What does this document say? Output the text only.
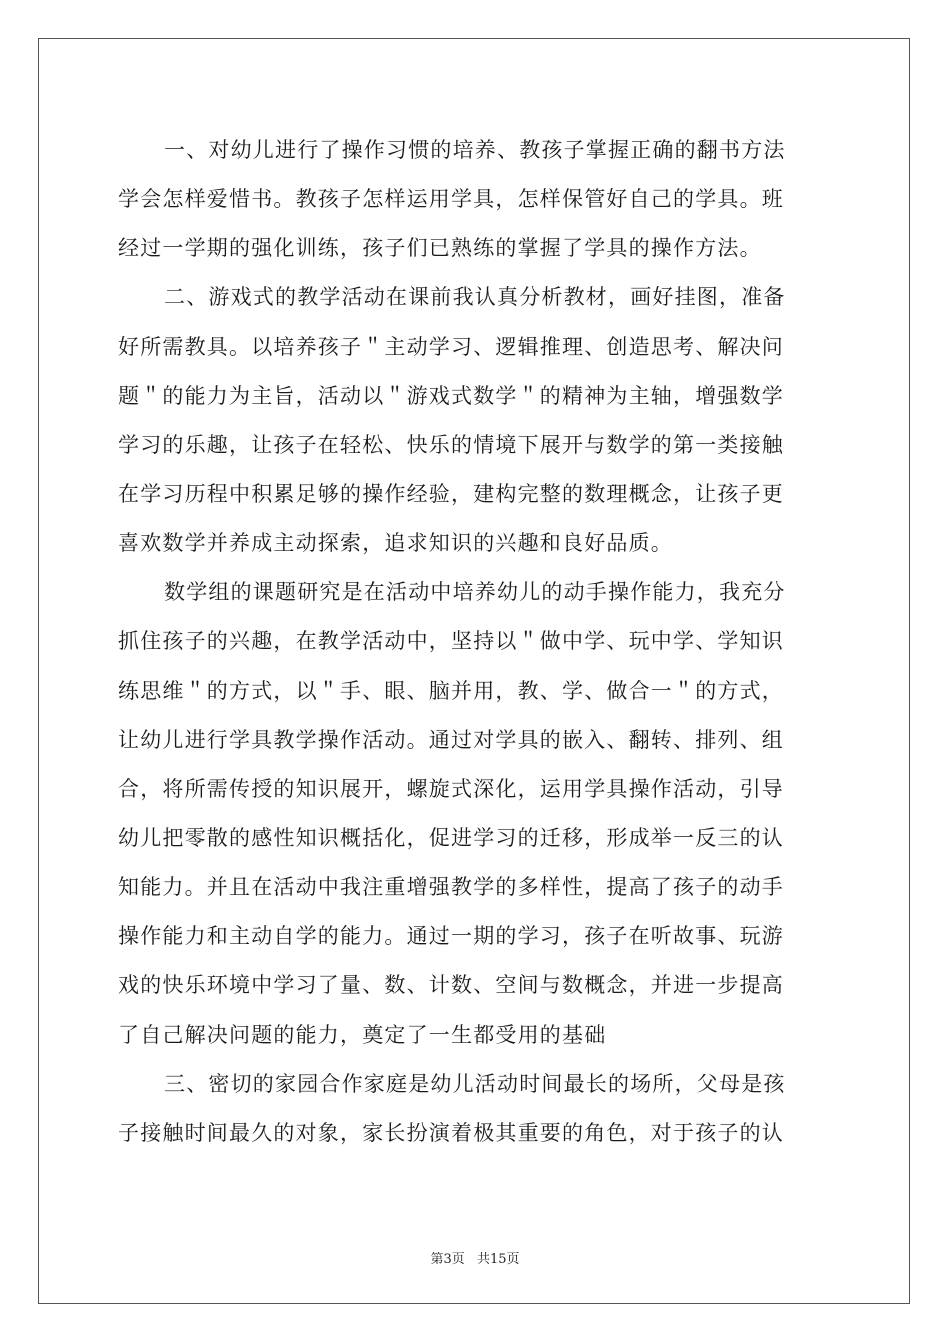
一、对幼儿进行了操作习惯的培养、教孩子掌握正确的翻书方法
学会怎样爱惜书。教孩子怎样运用学具，怎样保管好自己的学具。班
经过一学期的强化训练，孩子们已熟练的掌握了学具的操作方法。
二、游戏式的教学活动在课前我认真分析教材，画好挂图，准备
好所需教具。以培养孩子＂主动学习、逻辑推理、创造思考、解决问
题＂的能力为主旨，活动以＂游戏式数学＂的精神为主轴，增强数学
学习的乐趣，让孩子在轻松、快乐的情境下展开与数学的第一类接触
在学习历程中积累足够的操作经验，建构完整的数理概念，让孩子更
喜欢数学并养成主动探索，追求知识的兴趣和良好品质。
数学组的课题研究是在活动中培养幼儿的动手操作能力，我充分
抓住孩子的兴趣，在教学活动中，坚持以＂做中学、玩中学、学知识
练思维＂的方式，以＂手、眼、脑并用，教、学、做合一＂的方式，
让幼儿进行学具教学操作活动。通过对学具的嵌入、翻转、排列、组
合，将所需传授的知识展开，螺旋式深化，运用学具操作活动，引导
幼儿把零散的感性知识概括化，促进学习的迁移，形成举一反三的认
知能力。并且在活动中我注重增强教学的多样性，提高了孩子的动手
操作能力和主动自学的能力。通过一期的学习，孩子在听故事、玩游
戏的快乐环境中学习了量、数、计数、空间与数概念，并进一步提高
了自己解决问题的能力，奠定了一生都受用的基础
三、密切的家园合作家庭是幼儿活动时间最长的场所，父母是孩
子接触时间最久的对象，家长扮演着极其重要的角色，对于孩子的认
第3页 共15页
